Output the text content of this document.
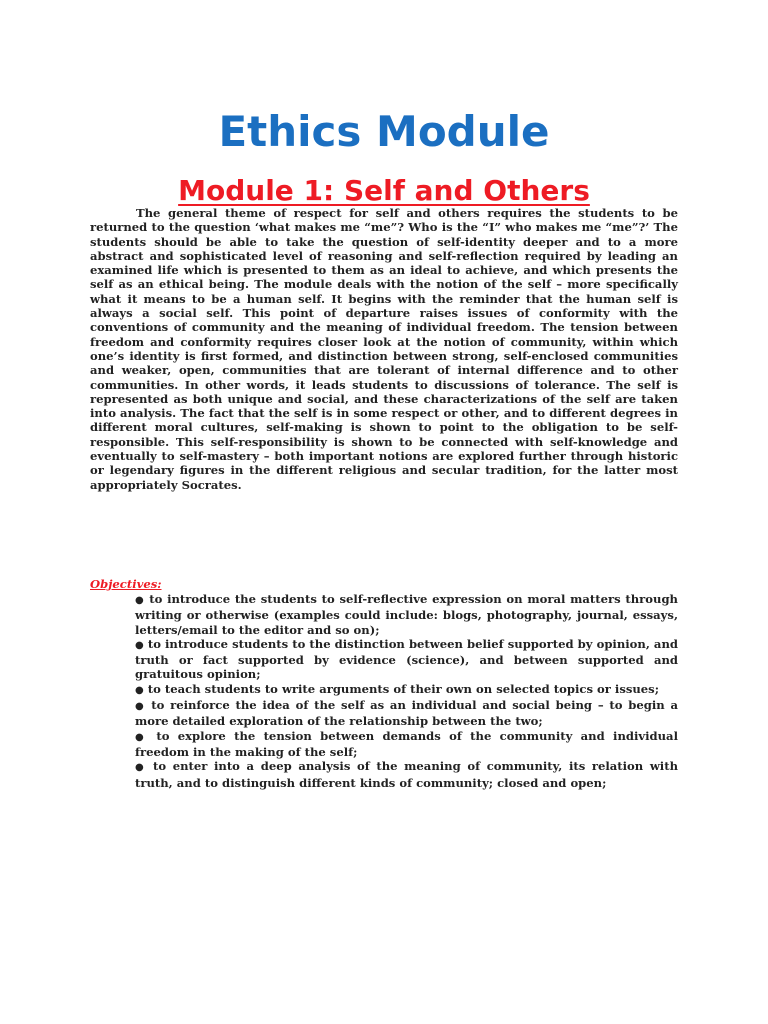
Ethics Module
Module 1: Self and Others

The general theme of respect for self and others requires the students to be returned to the question ‘what makes me “me”? Who is the “I” who makes me “me”?’ The students should be able to take the question of self-identity deeper and to a more abstract and sophisticated level of reasoning and self-reflection required by leading an examined life which is presented to them as an ideal to achieve, and which presents the self as an ethical being. The module deals with the notion of the self – more specifically what it means to be a human self. It begins with the reminder that the human self is always a social self. This point of departure raises issues of conformity with the conventions of community and the meaning of individual freedom. The tension between freedom and conformity requires closer look at the notion of community, within which one’s identity is first formed, and distinction between strong, self-enclosed communities and weaker, open, communities that are tolerant of internal difference and to other communities. In other words, it leads students to discussions of tolerance. The self is represented as both unique and social, and these characterizations of the self are taken into analysis. The fact that the self is in some respect or other, and to different degrees in different moral cultures, self-making is shown to point to the obligation to be self-responsible. This self-responsibility is shown to be connected with self-knowledge and eventually to self-mastery – both important notions are explored further through historic or legendary figures in the different religious and secular tradition, for the latter most appropriately Socrates.

Objectives:

● to introduce the students to self-reflective expression on moral matters through writing or otherwise (examples could include: blogs, photography, journal, essays, letters/email to the editor and so on);
● to introduce students to the distinction between belief supported by opinion, and truth or fact supported by evidence (science), and between supported and gratuitous opinion;
● to teach students to write arguments of their own on selected topics or issues;
● to reinforce the idea of the self as an individual and social being – to begin a more detailed exploration of the relationship between the two;
● to explore the tension between demands of the community and individual freedom in the making of the self;
● to enter into a deep analysis of the meaning of community, its relation with truth, and to distinguish different kinds of community; closed and open;
